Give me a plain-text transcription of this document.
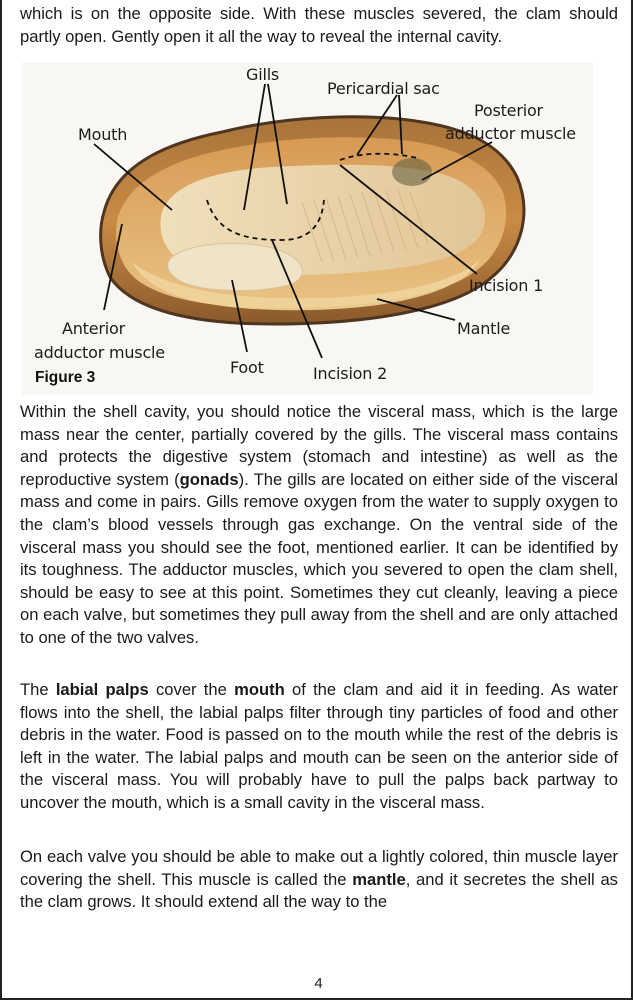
which is on the opposite side. With these muscles severed, the clam should partly open. Gently open it all the way to reveal the internal cavity.

Gills
Pericardial sac
Posterior
adductor muscle
Mouth
Incision 1
Anterior
adductor muscle
Mantle
Foot	Incision 2
Figure 3

Within the shell cavity, you should notice the visceral mass, which is the large mass near the center, partially covered by the gills. The visceral mass contains and protects the digestive system (stomach and intestine) as well as the reproductive system (gonads). The gills are located on either side of the visceral mass and come in pairs. Gills remove oxygen from the water to supply oxygen to the clam’s blood vessels through gas exchange. On the ventral side of the visceral mass you should see the foot, mentioned earlier. It can be identified by its toughness. The adductor muscles, which you severed to open the clam shell, should be easy to see at this point. Sometimes they cut cleanly, leaving a piece on each valve, but sometimes they pull away from the shell and are only attached to one of the two valves.

The labial palps cover the mouth of the clam and aid it in feeding. As water flows into the shell, the labial palps filter through tiny particles of food and other debris in the water. Food is passed on to the mouth while the rest of the debris is left in the water. The labial palps and mouth can be seen on the anterior side of the visceral mass. You will probably have to pull the palps back partway to uncover the mouth, which is a small cavity in the visceral mass.

On each valve you should be able to make out a lightly colored, thin muscle layer covering the shell. This muscle is called the mantle, and it secretes the shell as the clam grows. It should extend all the way to the

4
